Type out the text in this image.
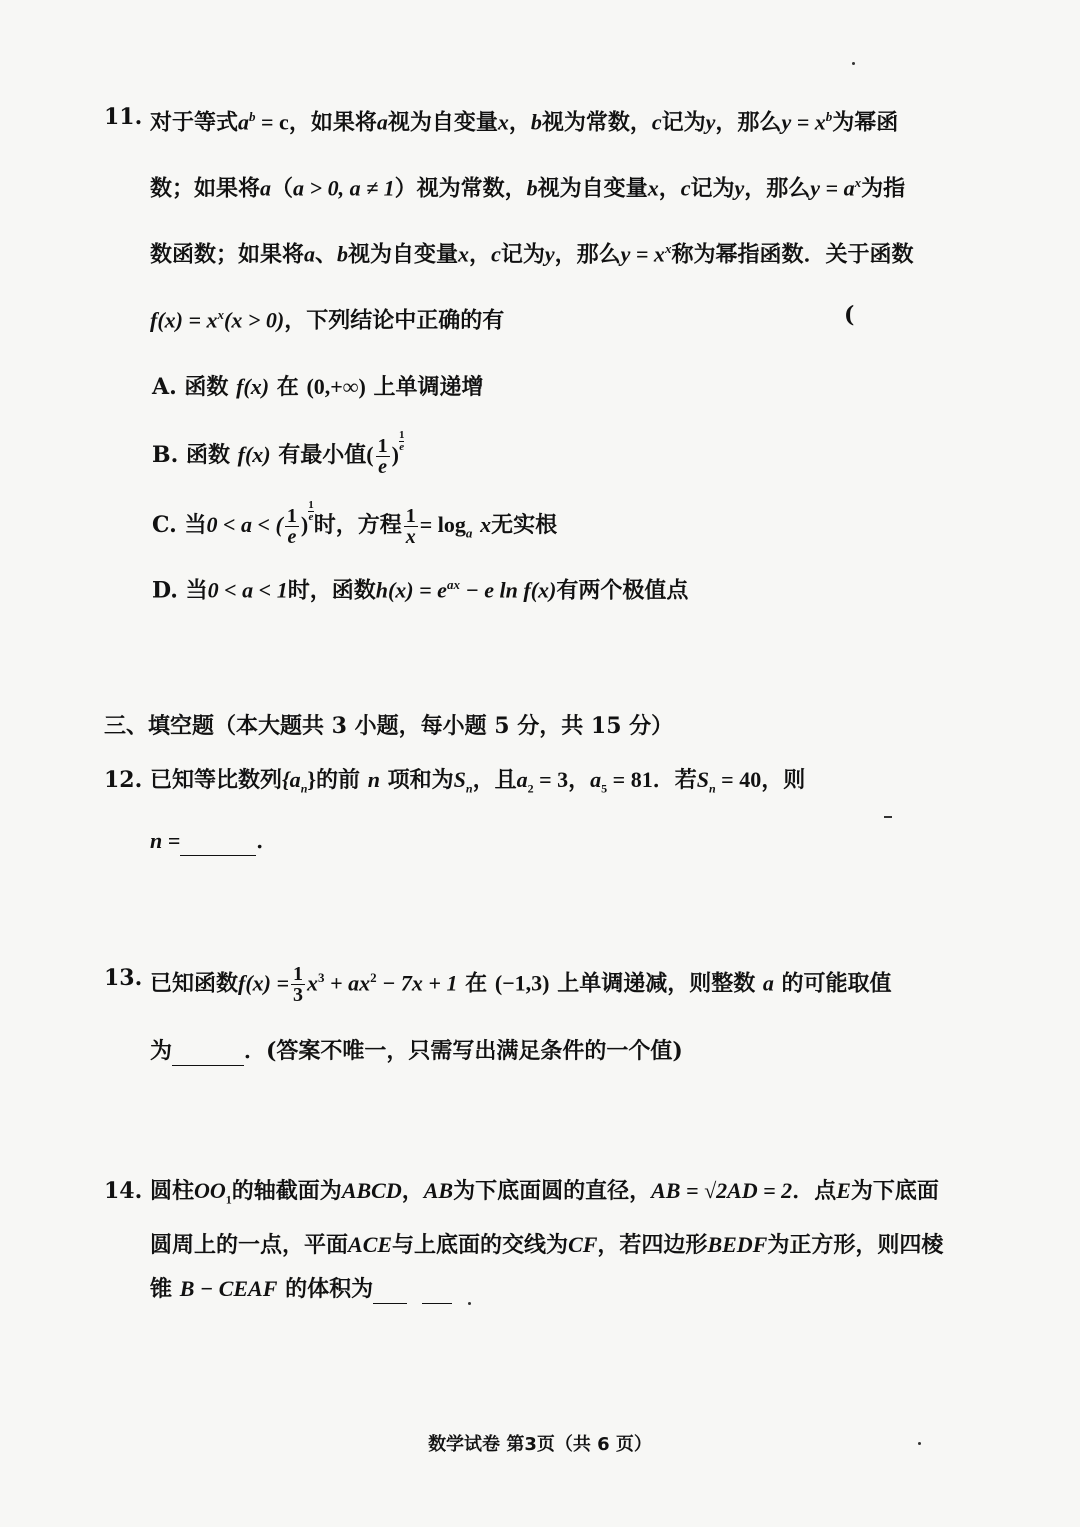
11. 对于等式$a^b = c$，如果将a视为自变量x，b视为常数，c记为y，那么$y = x^b$为幂函
数；如果将a（a > 0, a ≠ 1）视为常数，b视为自变量x，c记为y，那么$y = a^x$为指
数函数；如果将a、b视为自变量x，c记为y，那么$y = x^x$称为幂指函数．关于函数
$f(x) = x^x(x > 0)$，下列结论中正确的有	(
A. 函数 f(x) 在 (0,+∞) 上单调递增
B. 函数 f(x) 有最小值( $\frac{1}{e}$ )
$\frac{1}{e}$
C. 当0 < a < ( $\frac{1}{e}$ )
$\frac{1}{e}$
时，方程 $\frac{1}{x} = \log_a x$无实根
D. 当0 < a < 1时，函数$h(x) = e^{ax} - e$ ln f(x)有两个极值点
三、填空题（本大题共 3 小题，每小题 5 分，共 15 分）
12. 已知等比数列$\{a_n\}$的前 n 项和为$S_n$，且$a_2 = 3$，$a_5 = 81$．若$S_n = 40$，则
n =	．
13. 已知函数$f(x) = \frac{1}{3} x^3 + ax^2 - 7x + 1$ 在 (−1,3) 上单调递减，则整数 a 的可能取值
为	．(答案不唯一，只需写出满足条件的一个值)
14. 圆柱$OO_1$的轴截面为ABCD，AB为下底面圆的直径，AB = √2AD = 2．点E为下底面
圆周上的一点，平面ACE与上底面的交线为CF，若四边形BEDF为正方形，则四棱
锥 B − CEAF 的体积为
数学试卷 第3页（共 6 页）
